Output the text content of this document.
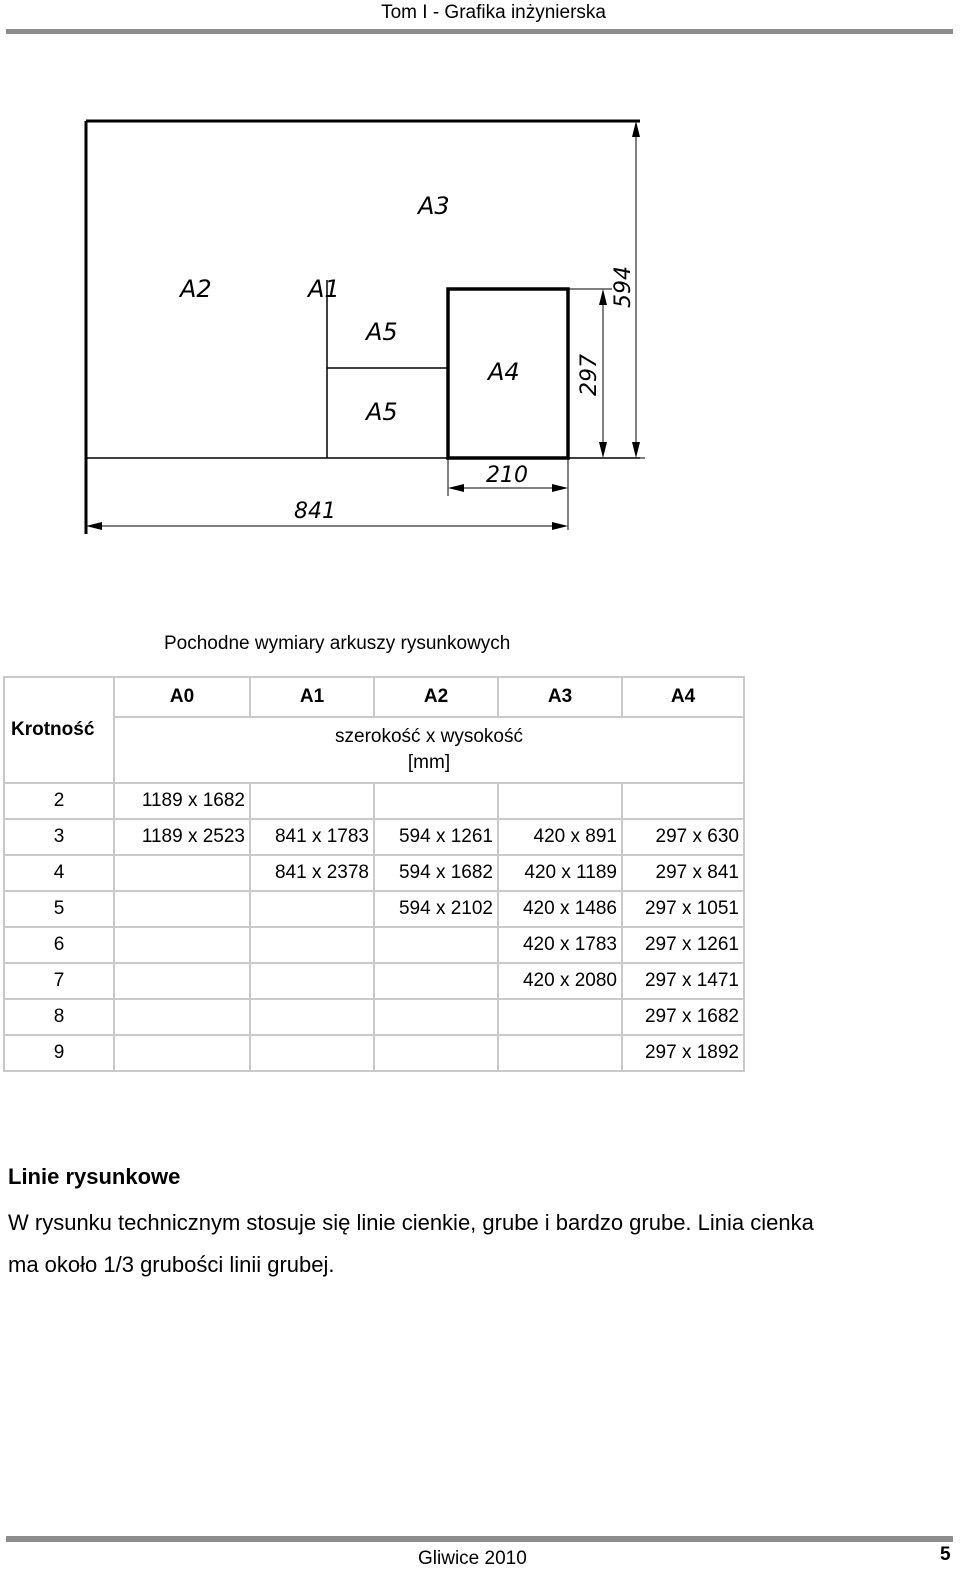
Tom I - Grafika inżynierska
A2	A1
A3
A5
A5
A4
210
841
297
594
Pochodne wymiary arkuszy rysunkowych
Krotność	A0	A1	A2	A3	A4

	szerokość x wysokość
[mm]				

2	1189 x 1682				
3	1189 x 2523	841 x 1783	594 x 1261	420 x 891	297 x 630
4		841 x 2378	594 x 1682	420 x 1189	297 x 841
5			594 x 2102	420 x 1486	297 x 1051
6				420 x 1783	297 x 1261
7				420 x 2080	297 x 1471
8					297 x 1682
9					297 x 1892
Linie rysunkowe
W rysunku technicznym stosuje się linie cienkie, grube i bardzo grube. Linia cienka
ma około 1/3 grubości linii grubej.
Gliwice 2010	5
